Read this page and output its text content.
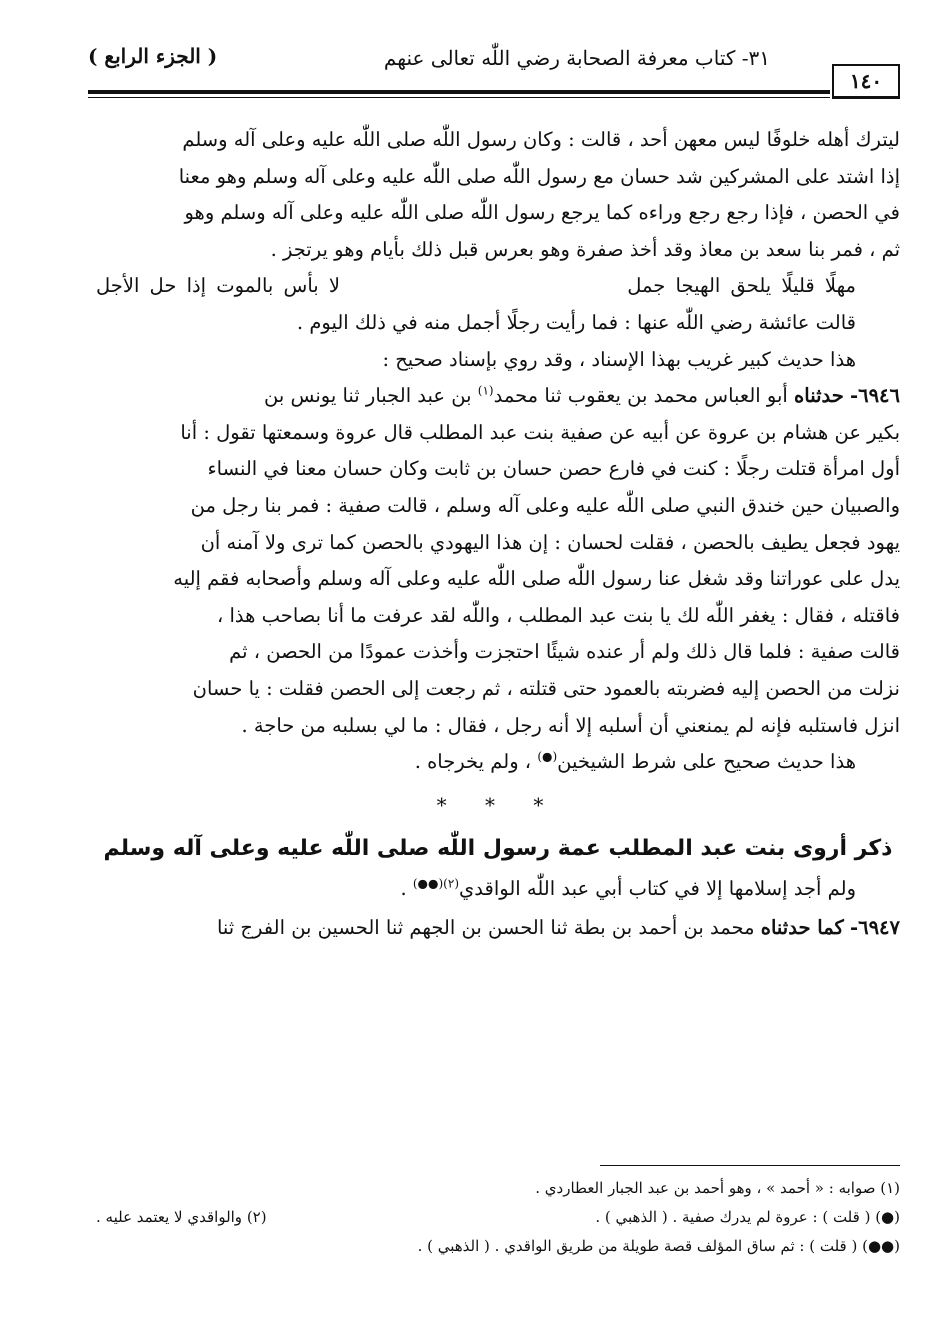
١٤٠
٣١- كتاب معرفة الصحابة رضي اللّٰه تعالى عنهم
( الجزء الرابع )

ليترك أهله خلوفًا ليس معهن أحد ، قالت : وكان رسول اللّٰه صلى اللّٰه عليه وعلى آله وسلم

إذا اشتد على المشركين شد حسان مع رسول اللّٰه صلى اللّٰه عليه وعلى آله وسلم وهو معنا

في الحصن ، فإذا رجع رجع وراءه كما يرجع رسول اللّٰه صلى اللّٰه عليه وعلى آله وسلم وهو

ثم ، فمر بنا سعد بن معاذ وقد أخذ صفرة وهو بعرس قبل ذلك بأيام وهو يرتجز .

مهلًا قليلًا يلحق الهيجا جمل
لا بأس بالموت إذا حل الأجل

قالت عائشة رضي اللّٰه عنها : فما رأيت رجلًا أجمل منه في ذلك اليوم .

هذا حديث كبير غريب بهذا الإسناد ، وقد روي بإسناد صحيح :

٦٩٤٦- حدثناه أبو العباس محمد بن يعقوب ثنا محمد$^{(١)}$ بن عبد الجبار ثنا يونس بن

بكير عن هشام بن عروة عن أبيه عن صفية بنت عبد المطلب قال عروة وسمعتها تقول : أنا

أول امرأة قتلت رجلًا : كنت في فارع حصن حسان بن ثابت وكان حسان معنا في النساء

والصبيان حين خندق النبي صلى اللّٰه عليه وعلى آله وسلم ، قالت صفية : فمر بنا رجل من

يهود فجعل يطيف بالحصن ، فقلت لحسان : إن هذا اليهودي بالحصن كما ترى ولا آمنه أن

يدل على عوراتنا وقد شغل عنا رسول اللّٰه صلى اللّٰه عليه وعلى آله وسلم وأصحابه فقم إليه

فاقتله ، فقال : يغفر اللّٰه لك يا بنت عبد المطلب ، واللّٰه لقد عرفت ما أنا بصاحب هذا ،

قالت صفية : فلما قال ذلك ولم أر عنده شيئًا احتجزت وأخذت عمودًا من الحصن ، ثم

نزلت من الحصن إليه فضربته بالعمود حتى قتلته ، ثم رجعت إلى الحصن فقلت : يا حسان

انزل فاستلبه فإنه لم يمنعني أن أسلبه إلا أنه رجل ، فقال : ما لي بسلبه من حاجة .

هذا حديث صحيح على شرط الشيخين(●) ، ولم يخرجاه .

* * *

ذكر أروى بنت عبد المطلب عمة رسول اللّٰه صلى اللّٰه عليه وعلى آله وسلم

ولم أجد إسلامها إلا في كتاب أبي عبد اللّٰه الواقدي$^{(٢)(●●)}$ .

٦٩٤٧- كما حدثناه محمد بن أحمد بن بطة ثنا الحسن بن الجهم ثنا الحسين بن الفرج ثنا

(١) صوابه : « أحمد » ، وهو أحمد بن عبد الجبار العطاردي .

(●) ( قلت ) : عروة لم يدرك صفية . ( الذهبي ) .
(٢) والواقدي لا يعتمد عليه .

(●●) ( قلت ) : ثم ساق المؤلف قصة طويلة من طريق الواقدي . ( الذهبي ) .
